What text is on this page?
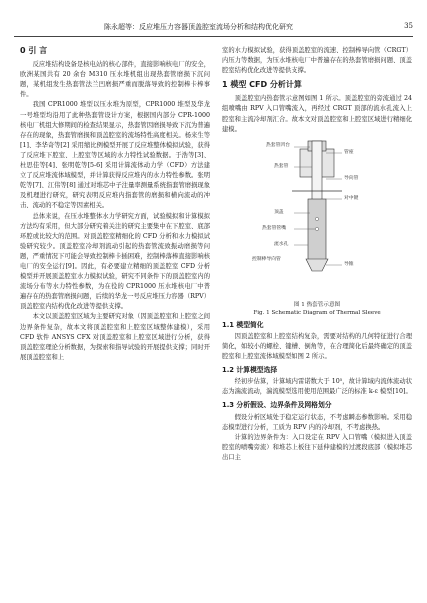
陈永超等：反应堆压力容器顶盖腔室流场分析和结构优化研究	35
0 引 言

反应堆结构设备是核电站的核心部件，直接影响核电厂的安全，欧洲某国共有 20 余台 M310 压水堆机组出现热套管磨损下沉问题，某机组发生热套管法兰凹磨损严重而脱落导致的控制棒卡棒事件。

我国 CPR1000 堆型以压水堆为原型，CPR1000 堆型及华龙一号堆型均沿用了此种热套管设计方案，根据国内部分 CPR-1000 核电厂机组大修期间的检查结果显示，热套管因磨损导致下沉为普遍存在的现象，热套管磨损和顶盖腔室的流场特性高度相关。杨来生等[1]、李华奇等[2] 采用缩比例模型开展了反应堆整体模拟试验，获得了反应堆下腔室、上腔室等区域的水力特性试验数据。于浩等[3]、杜思佳等[4]、张明乾等[5-6] 采用计算流体动力学（CFD）方法建立了反应堆流体域模型，并计算获得反应堆内的水力特性参数。张明乾等[7]、江伟等[8] 通过对堆芯中子注量率测量系统指套管磨损现象及机理进行研究，研究表明反应堆内指套管的磨损和横向流动的冲击、流动的不稳定等因素相关。

总体来说，在压水堆整体水力学研究方面，试验模拟和计算模拟方法均有采用，但大部分研究着关注的研究主要集中在下腔室、底部环腔或比较大的范围。对顶盖腔室精细化的 CFD 分析和水力模拟试验研究较少。顶盖腔室冷却剂流动引起的热套管流致振动磨损等问题，严重情况下可能会导致控制棒卡插困难，控制棒落棒直接影响核电厂的安全运行[9]。因此，有必要建立精细的顶盖腔室 CFD 分析模型并开展顶盖腔室水力模拟试验，研究不同条件下的顶盖腔室内的流场分布等水力特性参数，为在役的 CPR1000 压水堆核电厂中普遍存在的热套管磨损问题，后续的华龙一号反应堆压力容器（RPV）顶盖腔室内结构优化改进等提供支撑。

本文以顶盖腔室区域为主要研究对象（因顶盖腔室和上腔室之间边界条件复杂，故本文将顶盖腔室和上腔室区域整体建模），采用 CFD 软件 ANSYS CFX 对顶盖腔室和上腔室区域进行分析，获得顶盖腔室理论分析数据，为探索和指导试验的开展提供支撑；同时开展顶盖腔室和上

室的水力模拟试验，获得顶盖腔室的流速、控制棒导向管（CRGT）内压力等数据，为压水堆核电厂中普遍存在的热套管磨损问题、顶盖腔室结构优化改进等提供支撑。

1 模型 CFD 分析计算

顶盖腔室内热套管示意图如图 1 所示。顶盖腔室的旁流通过 24 组喷嘴由 RPV 入口管嘴流入，再经过 CRGT 顶部的流水孔流入上腔室和主流冷却剂汇合。故本文对顶盖腔室和上腔室区域进行精细化建模。

热套管凹台
管座
热套管
导向管
对中键
顶盖
热套管管嘴
流水孔
控制棒导向管
导锥
图 1 热套管示意图
Fig. 1 Schematic Diagram of Thermal Sleeve
1.1 模型简化

因顶盖腔室和上腔室结构复杂，需要对结构的几何特征进行合理简化，如较小的螺栓、键槽、倒角等，在合理简化后最终确定的顶盖腔室和上腔室流体域模型如图 2 所示。

1.2 计算模型选择

经初步估算，计算域内雷诺数大于 10⁵，故计算域内流体流动状态为湍流流动，湍流模型选用使用范围最广泛的标准 k-ε 模型[10]。

1.3 分析假设、边界条件及网格划分

假设分析区域处于稳定运行状态，不考虑瞬态参数影响。采用稳态模型进行分析，工质为 RPV 内的冷却剂，不考虑换热。

计算的边界条件为：入口设定在 RPV 入口管嘴（模拟进入顶盖腔室的喷嘴旁流）和堆芯上板往下延伸建模的过渡段底部（模拟堆芯出口主
